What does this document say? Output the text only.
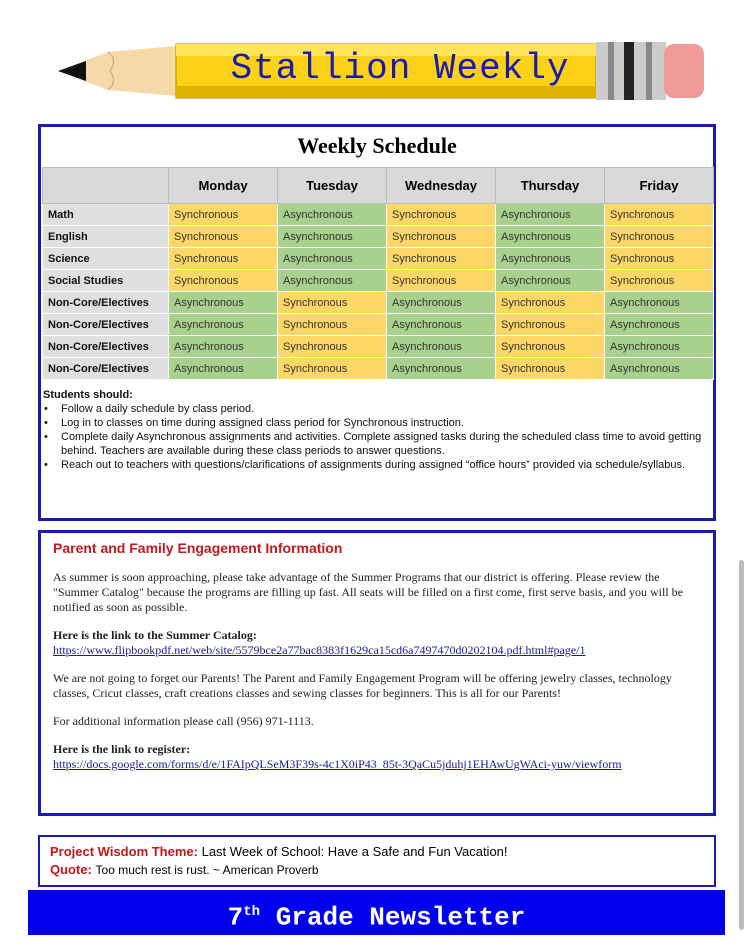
Stallion Weekly
Weekly Schedule
	Monday	Tuesday	Wednesday	Thursday	Friday
Math	Synchronous	Asynchronous	Synchronous	Asynchronous	Synchronous
English	Synchronous	Asynchronous	Synchronous	Asynchronous	Synchronous
Science	Synchronous	Asynchronous	Synchronous	Asynchronous	Synchronous
Social Studies	Synchronous	Asynchronous	Synchronous	Asynchronous	Synchronous
Non-Core/Electives	Asynchronous	Synchronous	Asynchronous	Synchronous	Asynchronous
Non-Core/Electives	Asynchronous	Synchronous	Asynchronous	Synchronous	Asynchronous
Non-Core/Electives	Asynchronous	Synchronous	Asynchronous	Synchronous	Asynchronous
Non-Core/Electives	Asynchronous	Synchronous	Asynchronous	Synchronous	Asynchronous
Students should:
• Follow a daily schedule by class period.
• Log in to classes on time during assigned class period for Synchronous instruction.
• Complete daily Asynchronous assignments and activities. Complete assigned tasks during the scheduled class time to avoid getting behind. Teachers are available during these class periods to answer questions.
• Reach out to teachers with questions/clarifications of assignments during assigned “office hours” provided via schedule/syllabus.
Parent and Family Engagement Information

As summer is soon approaching, please take advantage of the Summer Programs that our district is offering. Please review the "Summer Catalog" because the programs are filling up fast. All seats will be filled on a first come, first serve basis, and you will be notified as soon as possible.

Here is the link to the Summer Catalog:
https://www.flipbookpdf.net/web/site/5579bce2a77bac8383f1629ca15cd6a7497470d0202104.pdf.html#page/1

We are not going to forget our Parents! The Parent and Family Engagement Program will be offering jewelry classes, technology classes, Cricut classes, craft creations classes and sewing classes for beginners. This is all for our Parents!

For additional information please call (956) 971-1113.

Here is the link to register:
https://docs.google.com/forms/d/e/1FAIpQLSeM3F39s-4c1X0iP43_85t-3QaCu5jduhj1EHAwUgWAci-yuw/viewform

Project Wisdom Theme: Last Week of School: Have a Safe and Fun Vacation!
Quote: Too much rest is rust. ~ American Proverb
7th Grade Newsletter
